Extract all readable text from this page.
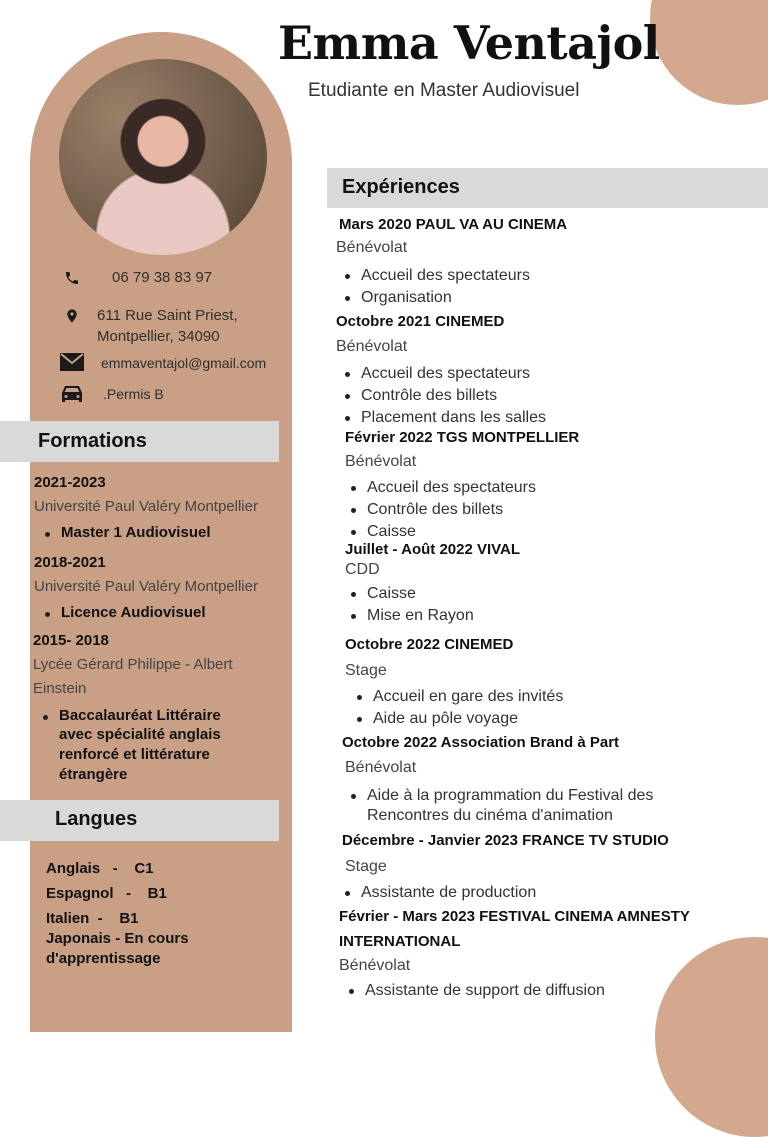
Emma Ventajol
Etudiante en Master Audiovisuel
06 79 38 83 97
611 Rue Saint Priest,
Montpellier, 34090
emmaventajol@gmail.com
.Permis B
Formations
2021-2023
Université Paul Valéry Montpellier
Master 1 Audiovisuel
2018-2021
Université Paul Valéry Montpellier
Licence Audiovisuel
2015- 2018
Lycée Gérard Philippe - Albert
Einstein
Baccalauréat Littéraire
avec spécialité anglais
renforcé et littérature
étrangère
Langues
Anglais   -    C1
Espagnol   -    B1
Italien  -    B1
Japonais - En cours
d'apprentissage
Expériences
Mars 2020 PAUL VA AU CINEMA
Bénévolat
Accueil des spectateurs
Organisation
Octobre 2021 CINEMED
Bénévolat
Accueil des spectateurs
Contrôle des billets
Placement dans les salles
Février 2022 TGS MONTPELLIER
Bénévolat
Accueil des spectateurs
Contrôle des billets
Caisse
Juillet - Août 2022 VIVAL
CDD
Caisse
Mise en Rayon
Octobre 2022 CINEMED
Stage
Accueil en gare des invités
Aide au pôle voyage
Octobre 2022 Association Brand à Part
Bénévolat
Aide à la programmation du Festival des
Rencontres du cinéma d'animation
Décembre - Janvier 2023 FRANCE TV STUDIO
Stage
Assistante de production
Février - Mars 2023 FESTIVAL CINEMA AMNESTY
INTERNATIONAL
Bénévolat
Assistante de support de diffusion
